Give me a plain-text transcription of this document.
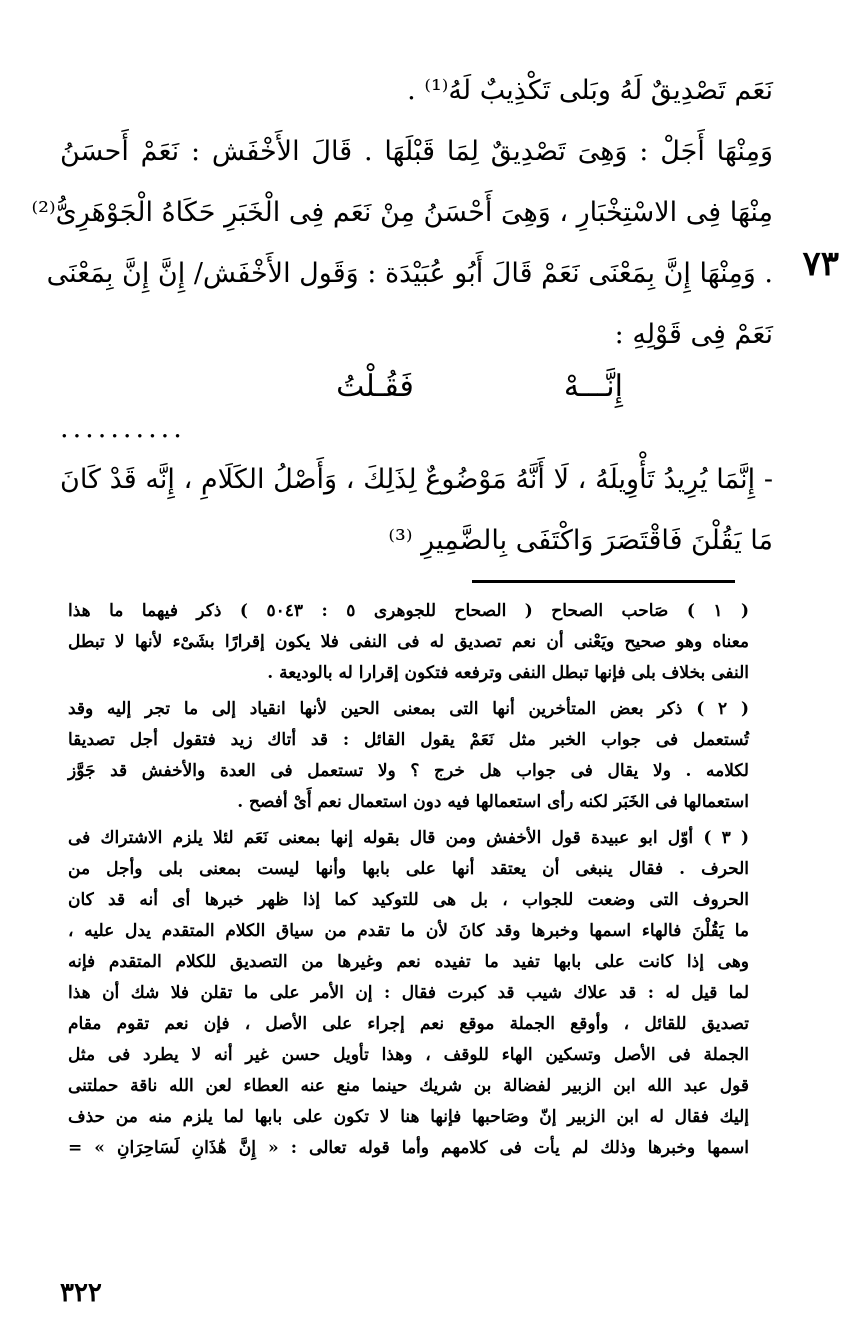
نَعَم تَصْدِيقٌ لَهُ وبَلى تَكْذِيبٌ لَهُ⁽¹⁾ .
وَمِنْهَا أَجَلْ : وَهِىَ تَصْدِيقٌ لِمَا قَبْلَهَا . قَالَ الأَخْفَش : نَعَمْ أَحسَنُ
مِنْهَا فِى الاسْتِخْبَارِ ، وَهِىَ أَحْسَنُ مِنْ نَعَم فِى الْخَبَرِ حَكَاهُ الْجَوْهَرِىُّ⁽²⁾
. وَمِنْهَا إِنَّ بِمَعْنَى نَعَمْ قَالَ أَبُو عُبَيْدَة : وَقَول الأَخْفَش/ إِنَّ إِنَّ بِمَعْنَى
نَعَمْ فِى قَوْلِهِ :
إِنَّـــهْ
فَقُـلْتُ
..........
- إِنَّمَا يُرِيدُ تَأْوِيلَهُ ، لَا أَنَّهُ مَوْضُوعٌ لِذَلِكَ ، وَأَصْلُ الكَلَامِ ، إِنَّه قَدْ كَانَ
مَا يَقُلْنَ فَاقْتَصَرَ وَاكْتَفَى بِالضَّمِيرِ ⁽³⁾
٧٣
( ١ ) صَاحب الصحاح ( الصحاح للجوهرى ٥ : ٥٠٤٣ ) ذكر فيهما ما هذا
معناه وهو صحيح ويَعْنى أن نعم تصديق له فى النفى فلا يكون إقرارًا بشَىْء لأنها لا تبطل
النفى بخلاف بلى فإنها تبطل النفى وترفعه فتكون إقرارا له بالوديعة .
( ٢ ) ذكر بعض المتأخرين أنها التى بمعنى الحين لأنها انقياد إلى ما تجر إليه وقد
تُستعمل فى جواب الخبر مثل نَعَمْ يقول القائل : قد أتاك زيد فتقول أجل تصديقا
لكلامه . ولا يقال فى جواب هل خرج ؟ ولا تستعمل فى العدة والأخفش قد جَوَّز
استعمالها فى الخَبَر لكنه رأى استعمالها فيه دون استعمال نعم أَىْ أفصح .
( ٣ ) أوّل ابو عبيدة قول الأخفش ومن قال بقوله إنها بمعنى نَعَم لئلا يلزم الاشتراك فى
الحرف . فقال ينبغى أن يعتقد أنها على بابها وأنها ليست بمعنى بلى وأجل من
الحروف التى وضعت للجواب ، بل هى للتوكيد كما إذا ظهر خبرها أى أنه قد كان
ما يَقُلْنَ فالهاء اسمها وخبرها وقد كانَ لأن ما تقدم من سياق الكلام المتقدم يدل عليه ،
وهى إذا كانت على بابها تفيد ما تفيده نعم وغيرها من التصديق للكلام المتقدم فإنه
لما قيل له : قد علاك شيب قد كبرت فقال : إن الأمر على ما تقلن فلا شك أن هذا
تصديق للقائل ، وأوقع الجملة موقع نعم إجراء على الأصل ، فإن نعم تقوم مقام
الجملة فى الأصل وتسكين الهاء للوقف ، وهذا تأويل حسن غير أنه لا يطرد فى مثل
قول عبد الله ابن الزبير لفضالة بن شريك حينما منع عنه العطاء لعن الله ناقة حملتنى
إليك فقال له ابن الزبير إنّ وصَاحبها فإنها هنا لا تكون على بابها لما يلزم منه من حذف
اسمها وخبرها وذلك لم يأت فى كلامهم وأما قوله تعالى : « إِنَّ هَٰذَانِ لَسَاحِرَانِ » =
٣٢٢
